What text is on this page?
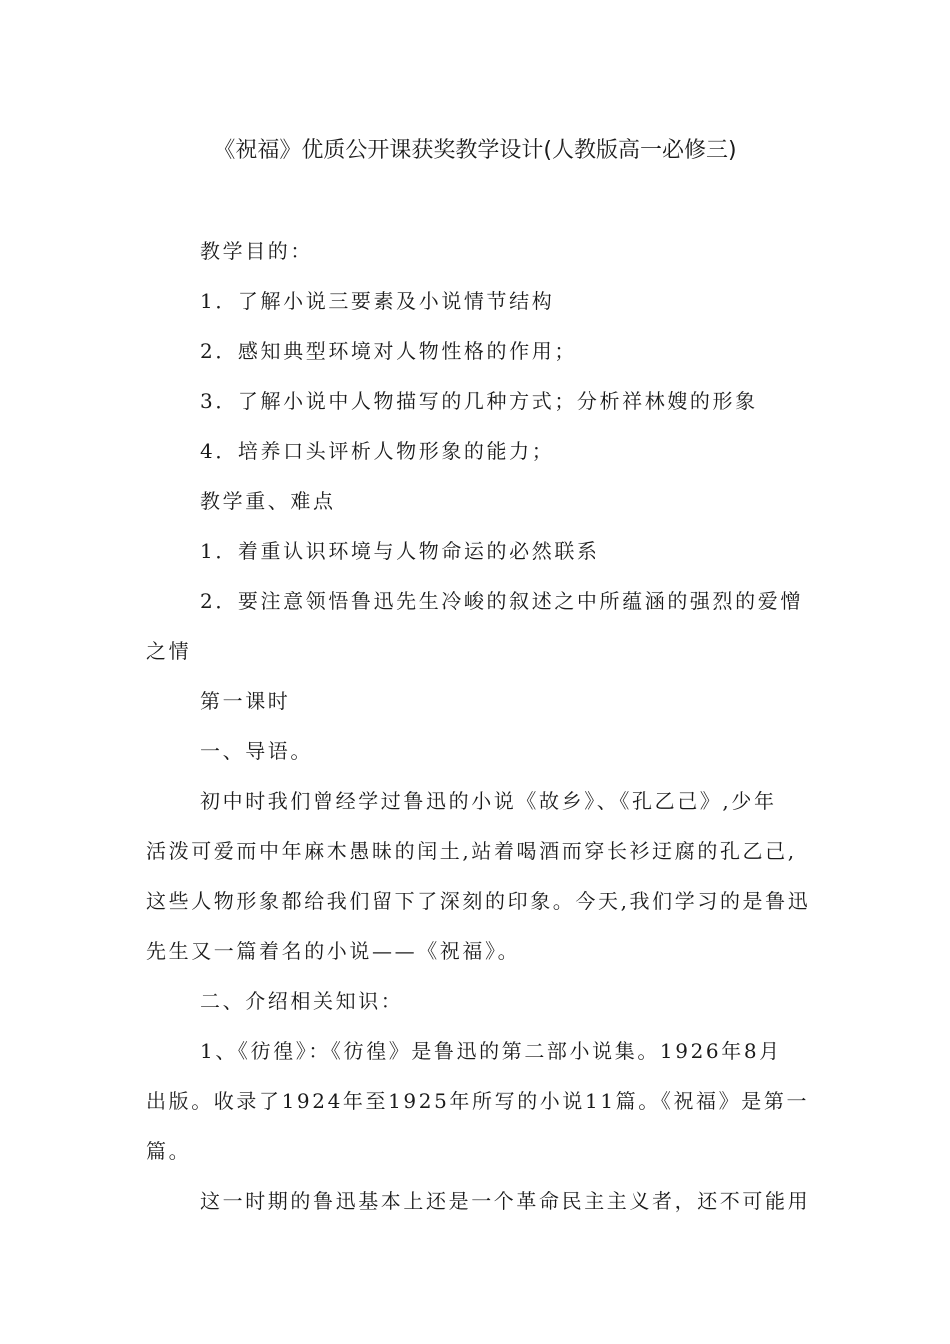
《祝福》优质公开课获奖教学设计(人教版高一必修三)
教学目的：
1．了解小说三要素及小说情节结构
2．感知典型环境对人物性格的作用；
3．了解小说中人物描写的几种方式；分析祥林嫂的形象
4．培养口头评析人物形象的能力；
教学重、难点
1．着重认识环境与人物命运的必然联系
2．要注意领悟鲁迅先生冷峻的叙述之中所蕴涵的强烈的爱憎
之情
第一课时
一、导语。
初中时我们曾经学过鲁迅的小说《故乡》、《孔乙己》,少年
活泼可爱而中年麻木愚昧的闰土,站着喝酒而穿长衫迂腐的孔乙己,
这些人物形象都给我们留下了深刻的印象。今天,我们学习的是鲁迅
先生又一篇着名的小说——《祝福》。
二、介绍相关知识：
1、《彷徨》：《彷徨》是鲁迅的第二部小说集。1926年8月
出版。收录了1924年至1925年所写的小说11篇。《祝福》是第一
篇。
这一时期的鲁迅基本上还是一个革命民主主义者，还不可能用
